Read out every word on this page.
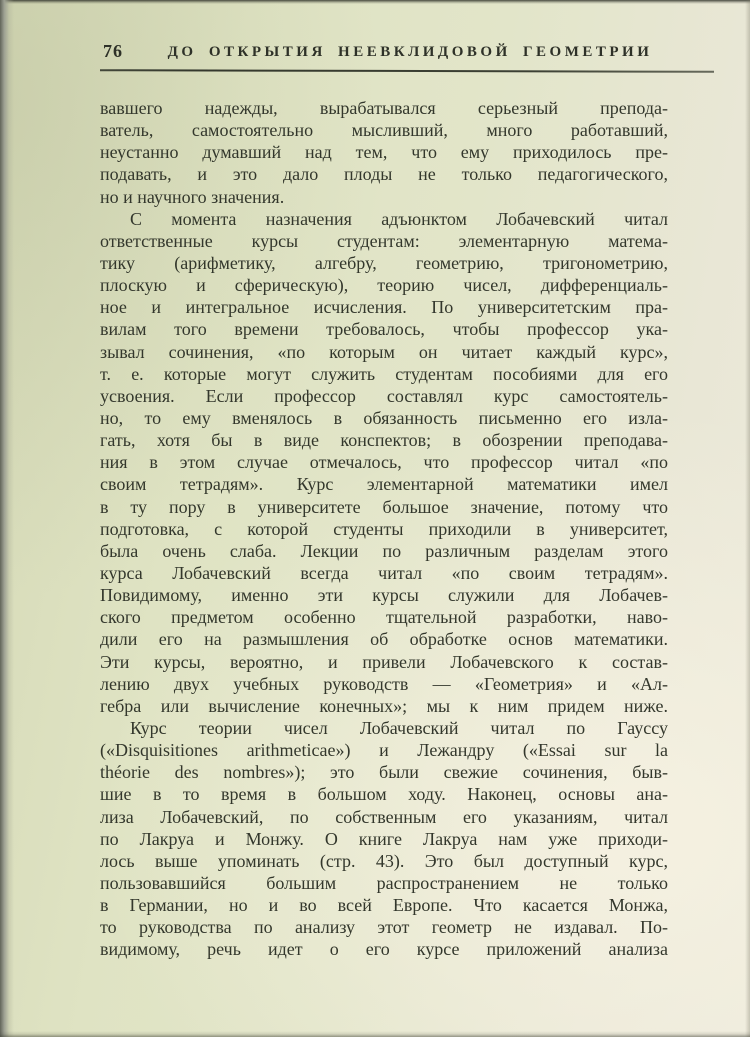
76	ДО ОТКРЫТИЯ НЕЕВКЛИДОВОЙ ГЕОМЕТРИИ
вавшего надежды, вырабатывался серьезный препода-
ватель, самостоятельно мысливший, много работавший,
неустанно думавший над тем, что ему приходилось пре-
подавать, и это дало плоды не только педагогического,
но и научного значения.
С момента назначения адъюнктом Лобачевский читал
ответственные курсы студентам: элементарную матема-
тику (арифметику, алгебру, геометрию, тригонометрию,
плоскую и сферическую), теорию чисел, дифференциаль-
ное и интегральное исчисления. По университетским пра-
вилам того времени требовалось, чтобы профессор ука-
зывал сочинения, «по которым он читает каждый курс»,
т. е. которые могут служить студентам пособиями для его
усвоения. Если профессор составлял курс самостоятель-
но, то ему вменялось в обязанность письменно его изла-
гать, хотя бы в виде конспектов; в обозрении преподава-
ния в этом случае отмечалось, что профессор читал «по
своим тетрадям». Курс элементарной математики имел
в ту пору в университете большое значение, потому что
подготовка, с которой студенты приходили в университет,
была очень слаба. Лекции по различным разделам этого
курса Лобачевский всегда читал «по своим тетрадям».
Повидимому, именно эти курсы служили для Лобачев-
ского предметом особенно тщательной разработки, наво-
дили его на размышления об обработке основ математики.
Эти курсы, вероятно, и привели Лобачевского к состав-
лению двух учебных руководств — «Геометрия» и «Ал-
гебра или вычисление конечных»; мы к ним придем ниже.
Курс теории чисел Лобачевский читал по Гауссу
(«Disquisitiones arithmeticae») и Лежандру («Essai sur la
théorie des nombres»); это были свежие сочинения, быв-
шие в то время в большом ходу. Наконец, основы ана-
лиза Лобачевский, по собственным его указаниям, читал
по Лакруа и Монжу. О книге Лакруа нам уже приходи-
лось выше упоминать (стр. 43). Это был доступный курс,
пользовавшийся большим распространением не только
в Германии, но и во всей Европе. Что касается Монжа,
то руководства по анализу этот геометр не издавал. По-
видимому, речь идет о его курсе приложений анализа
